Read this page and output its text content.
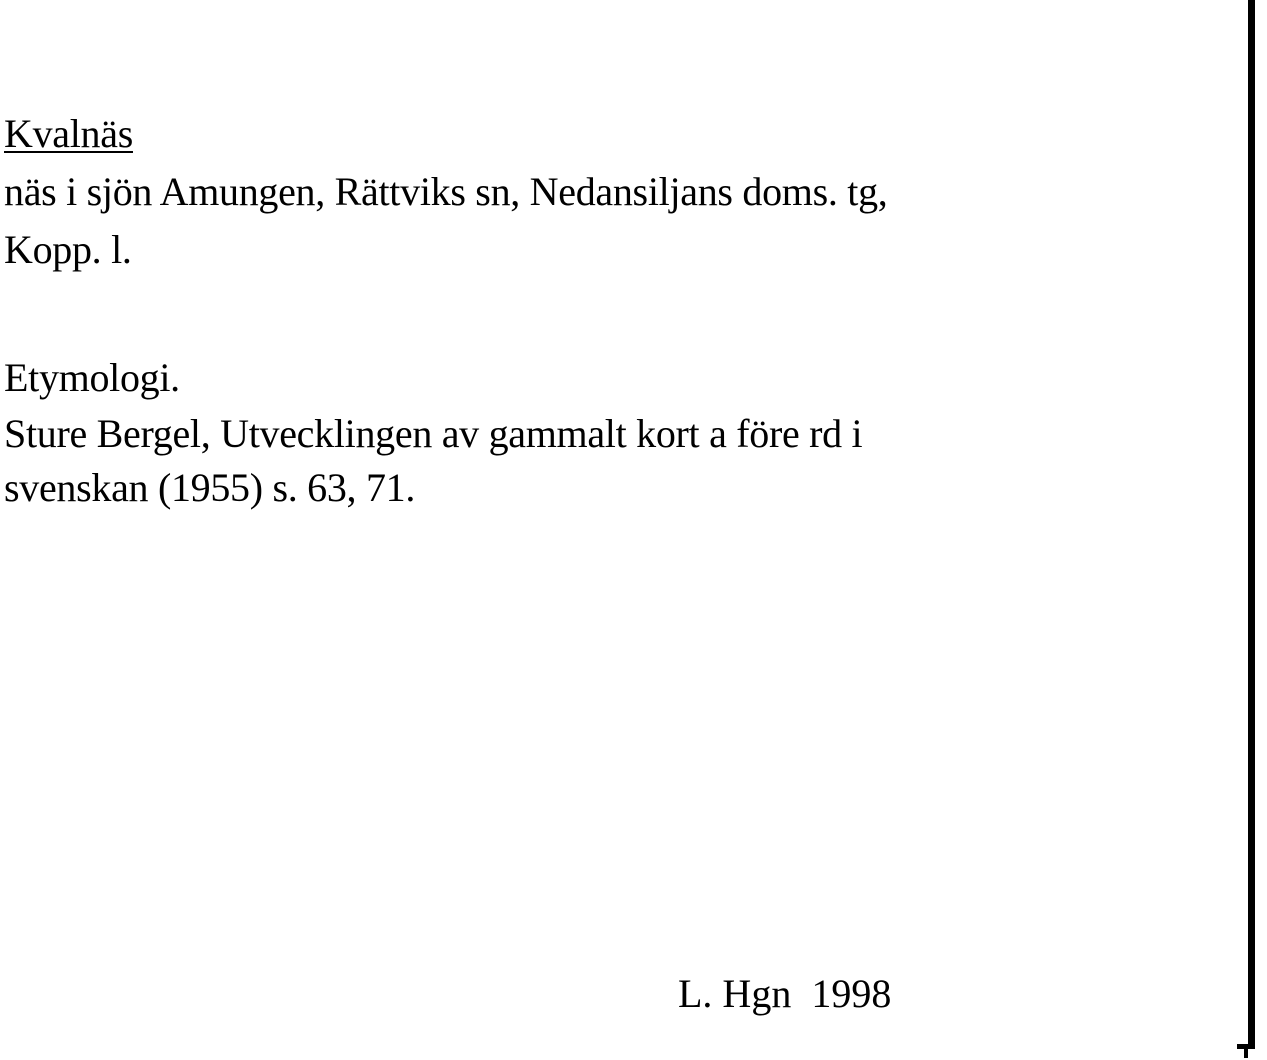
Kvalnäs

näs i sjön Amungen, Rättviks sn, Nedansiljans doms. tg,

Kopp. l.

Etymologi.

Sture Bergel, Utvecklingen av gammalt kort a före rd i

svenskan (1955) s. 63, 71.

L. Hgn  1998
